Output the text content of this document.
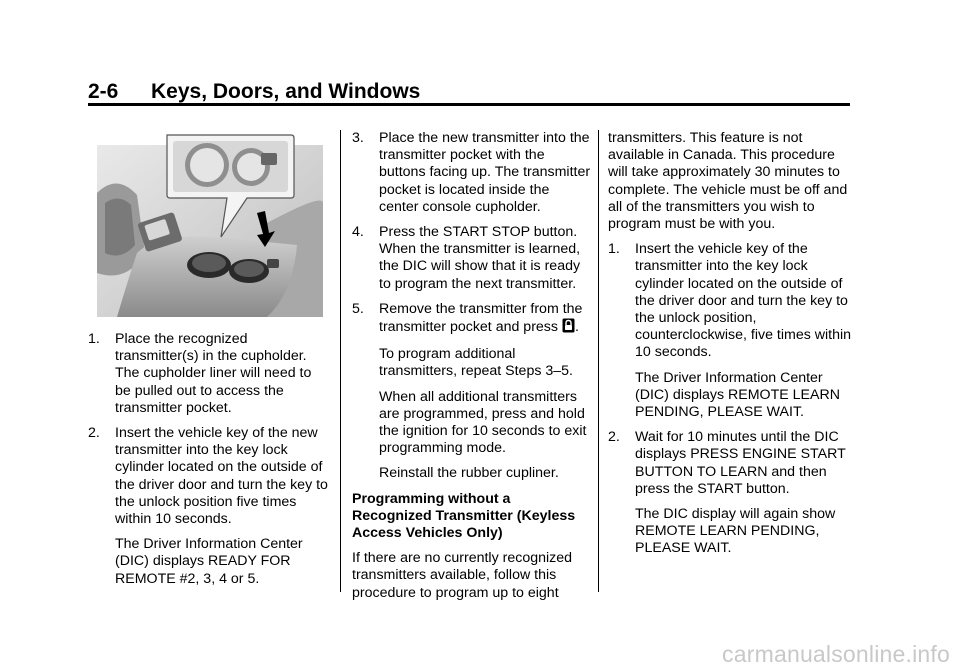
2-6 Keys, Doors, and Windows
1. Place the recognized transmitter(s) in the cupholder. The cupholder liner will need to be pulled out to access the transmitter pocket.
2. Insert the vehicle key of the new transmitter into the key lock cylinder located on the outside of the driver door and turn the key to the unlock position five times within 10 seconds.
The Driver Information Center (DIC) displays READY FOR REMOTE #2, 3, 4 or 5.
3. Place the new transmitter into the transmitter pocket with the buttons facing up. The transmitter pocket is located inside the center console cupholder.
4. Press the START STOP button. When the transmitter is learned, the DIC will show that it is ready to program the next transmitter.
5. Remove the transmitter from the transmitter pocket and press .
To program additional transmitters, repeat Steps 3–5.
When all additional transmitters are programmed, press and hold the ignition for 10 seconds to exit programming mode.
Reinstall the rubber cupliner.
Programming without a Recognized Transmitter (Keyless Access Vehicles Only)
If there are no currently recognized transmitters available, follow this procedure to program up to eight
transmitters. This feature is not available in Canada. This procedure will take approximately 30 minutes to complete. The vehicle must be off and all of the transmitters you wish to program must be with you.
1. Insert the vehicle key of the transmitter into the key lock cylinder located on the outside of the driver door and turn the key to the unlock position, counterclockwise, five times within 10 seconds.
The Driver Information Center (DIC) displays REMOTE LEARN PENDING, PLEASE WAIT.
2. Wait for 10 minutes until the DIC displays PRESS ENGINE START BUTTON TO LEARN and then press the START button.
The DIC display will again show REMOTE LEARN PENDING, PLEASE WAIT.
carmanualsonline.info
